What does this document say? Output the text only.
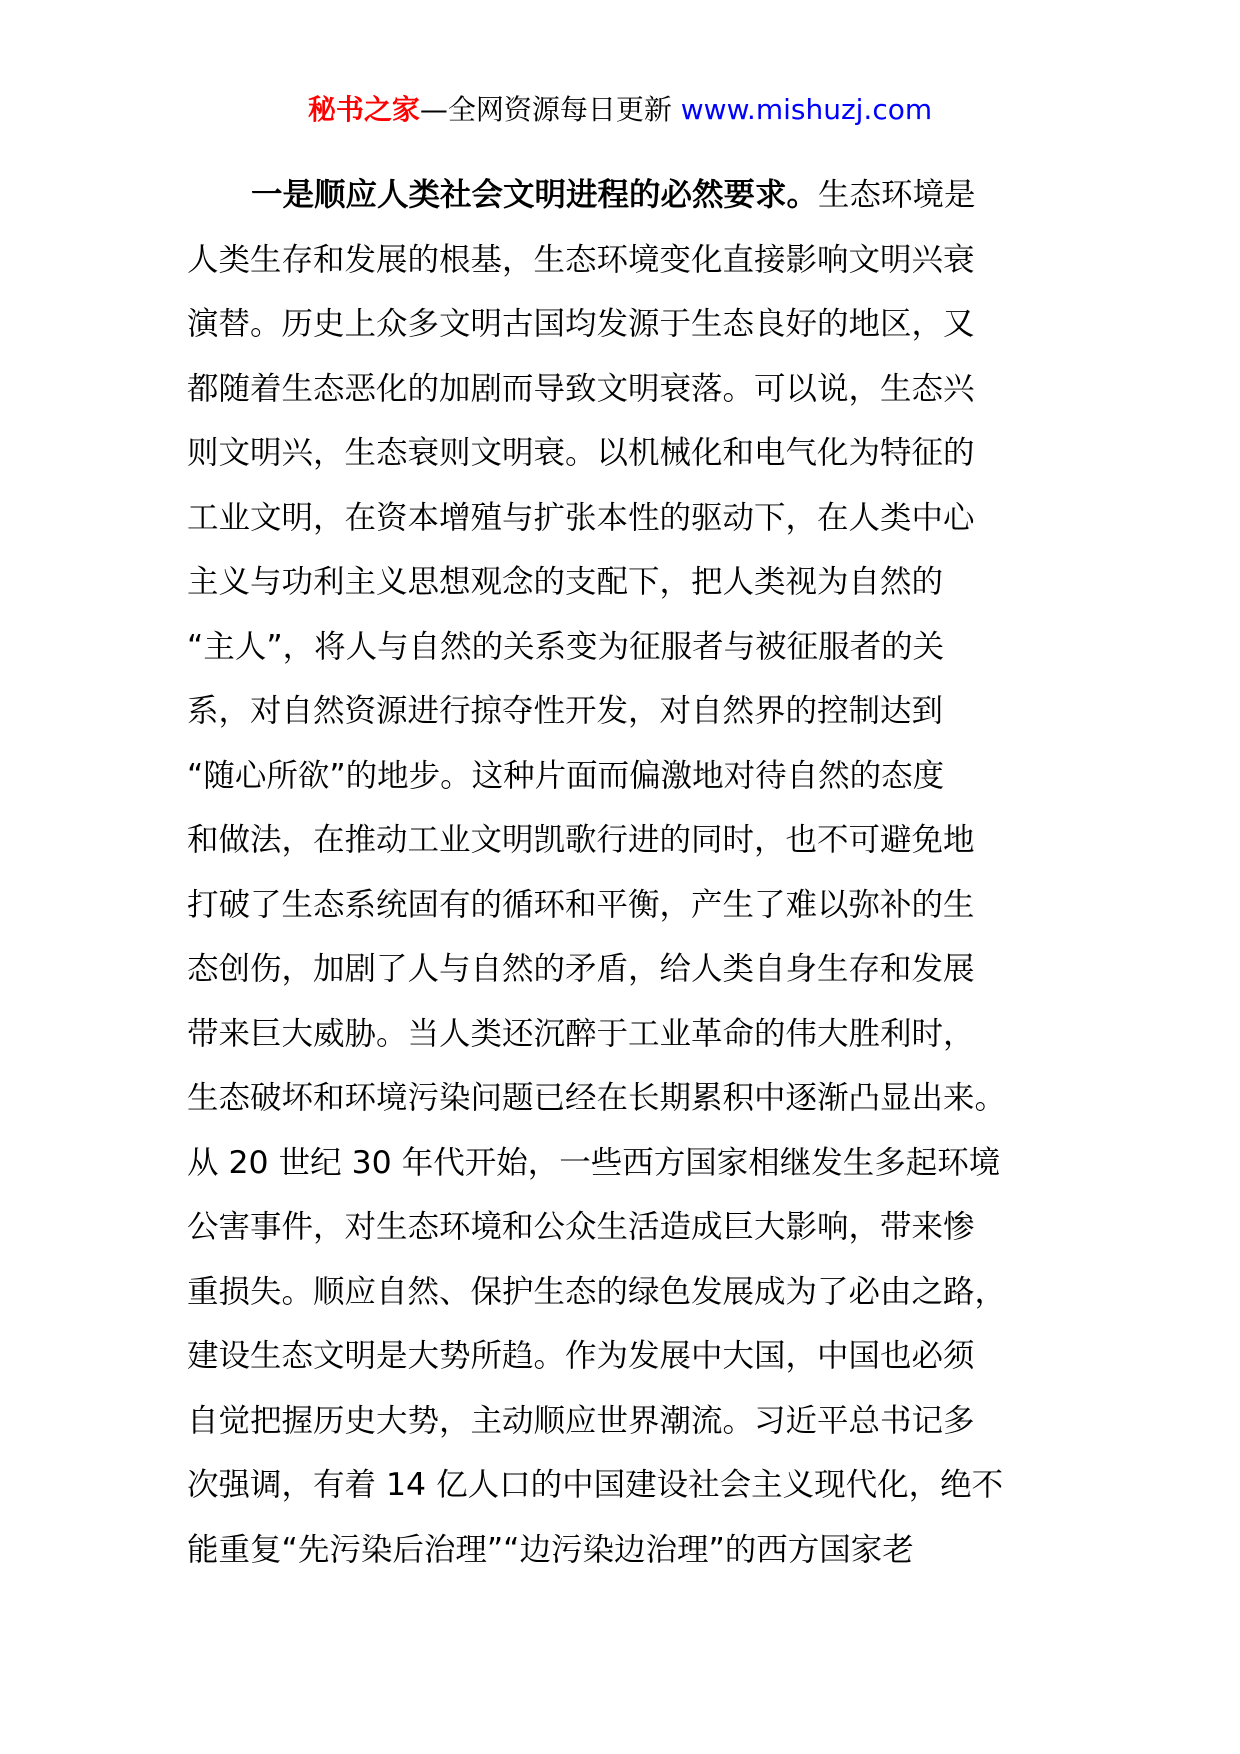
秘书之家—全网资源每日更新 www.mishuzj.com
一是顺应人类社会文明进程的必然要求。生态环境是
人类生存和发展的根基，生态环境变化直接影响文明兴衰
演替。历史上众多文明古国均发源于生态良好的地区，又
都随着生态恶化的加剧而导致文明衰落。可以说，生态兴
则文明兴，生态衰则文明衰。以机械化和电气化为特征的
工业文明，在资本增殖与扩张本性的驱动下，在人类中心
主义与功利主义思想观念的支配下，把人类视为自然的
“主人”，将人与自然的关系变为征服者与被征服者的关
系，对自然资源进行掠夺性开发，对自然界的控制达到
“随心所欲”的地步。这种片面而偏激地对待自然的态度
和做法，在推动工业文明凯歌行进的同时，也不可避免地
打破了生态系统固有的循环和平衡，产生了难以弥补的生
态创伤，加剧了人与自然的矛盾，给人类自身生存和发展
带来巨大威胁。当人类还沉醉于工业革命的伟大胜利时，
生态破坏和环境污染问题已经在长期累积中逐渐凸显出来。
从 20 世纪 30 年代开始，一些西方国家相继发生多起环境
公害事件，对生态环境和公众生活造成巨大影响，带来惨
重损失。顺应自然、保护生态的绿色发展成为了必由之路，
建设生态文明是大势所趋。作为发展中大国，中国也必须
自觉把握历史大势，主动顺应世界潮流。习近平总书记多
次强调，有着 14 亿人口的中国建设社会主义现代化，绝不
能重复“先污染后治理”“边污染边治理”的西方国家老
